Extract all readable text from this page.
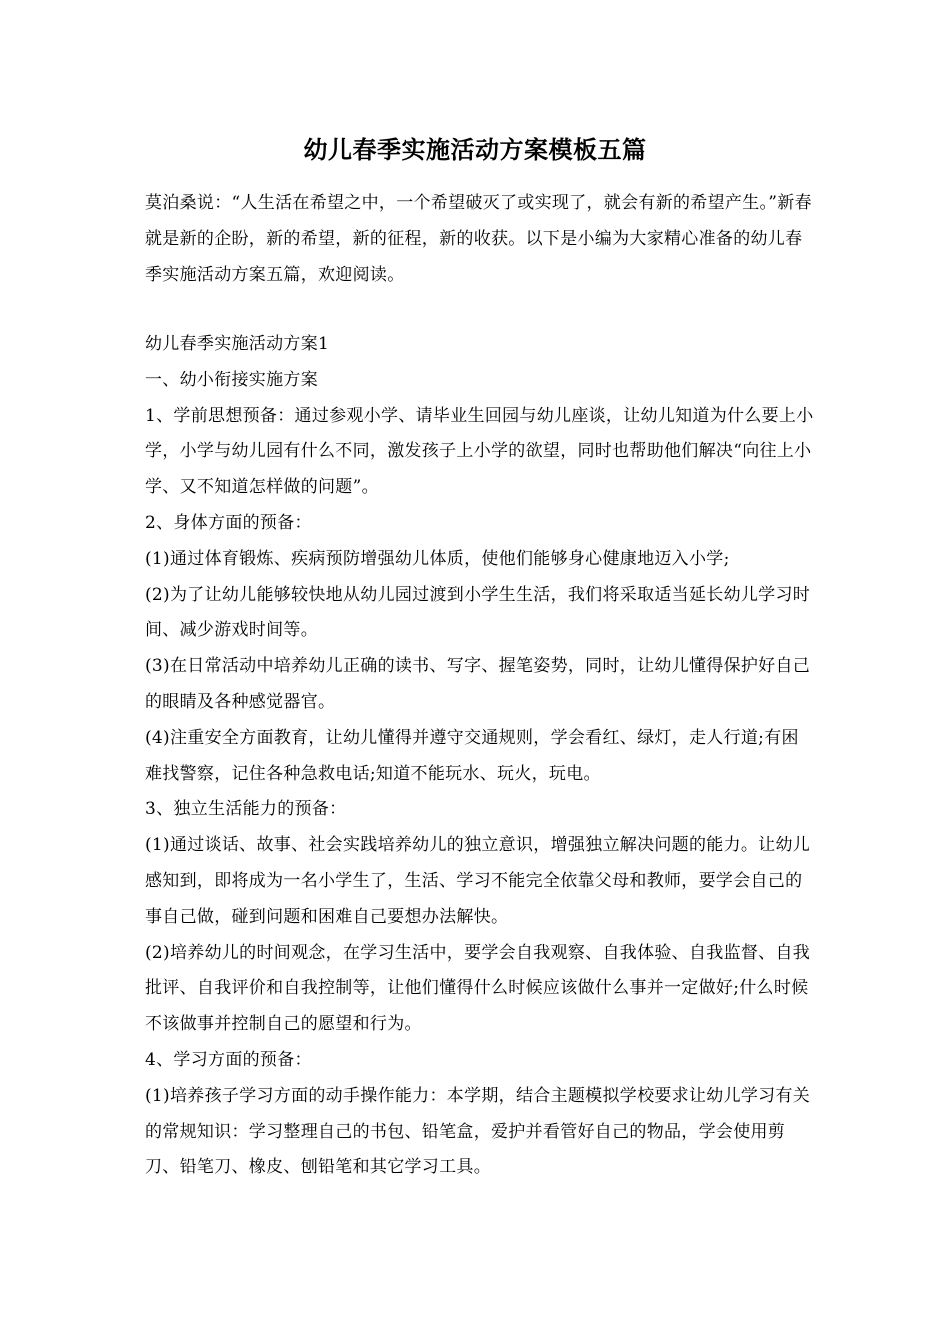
幼儿春季实施活动方案模板五篇

莫泊桑说：“人生活在希望之中，一个希望破灭了或实现了，就会有新的希望产生。”新春就是新的企盼，新的希望，新的征程，新的收获。以下是小编为大家精心准备的幼儿春季实施活动方案五篇，欢迎阅读。

幼儿春季实施活动方案1

一、幼小衔接实施方案

1、学前思想预备：通过参观小学、请毕业生回园与幼儿座谈，让幼儿知道为什么要上小学，小学与幼儿园有什么不同，激发孩子上小学的欲望，同时也帮助他们解决“向往上小学、又不知道怎样做的问题”。

2、身体方面的预备：

(1)通过体育锻炼、疾病预防增强幼儿体质，使他们能够身心健康地迈入小学;

(2)为了让幼儿能够较快地从幼儿园过渡到小学生生活，我们将采取适当延长幼儿学习时间、减少游戏时间等。

(3)在日常活动中培养幼儿正确的读书、写字、握笔姿势，同时，让幼儿懂得保护好自己的眼睛及各种感觉器官。

(4)注重安全方面教育，让幼儿懂得并遵守交通规则，学会看红、绿灯，走人行道;有困难找警察，记住各种急救电话;知道不能玩水、玩火，玩电。

3、独立生活能力的预备：

(1)通过谈话、故事、社会实践培养幼儿的独立意识，增强独立解决问题的能力。让幼儿感知到，即将成为一名小学生了，生活、学习不能完全依靠父母和教师，要学会自己的事自己做，碰到问题和困难自己要想办法解快。

(2)培养幼儿的时间观念，在学习生活中，要学会自我观察、自我体验、自我监督、自我批评、自我评价和自我控制等，让他们懂得什么时候应该做什么事并一定做好;什么时候不该做事并控制自己的愿望和行为。

4、学习方面的预备：

(1)培养孩子学习方面的动手操作能力：本学期，结合主题模拟学校要求让幼儿学习有关的常规知识：学习整理自己的书包、铅笔盒，爱护并看管好自己的物品，学会使用剪刀、铅笔刀、橡皮、刨铅笔和其它学习工具。
